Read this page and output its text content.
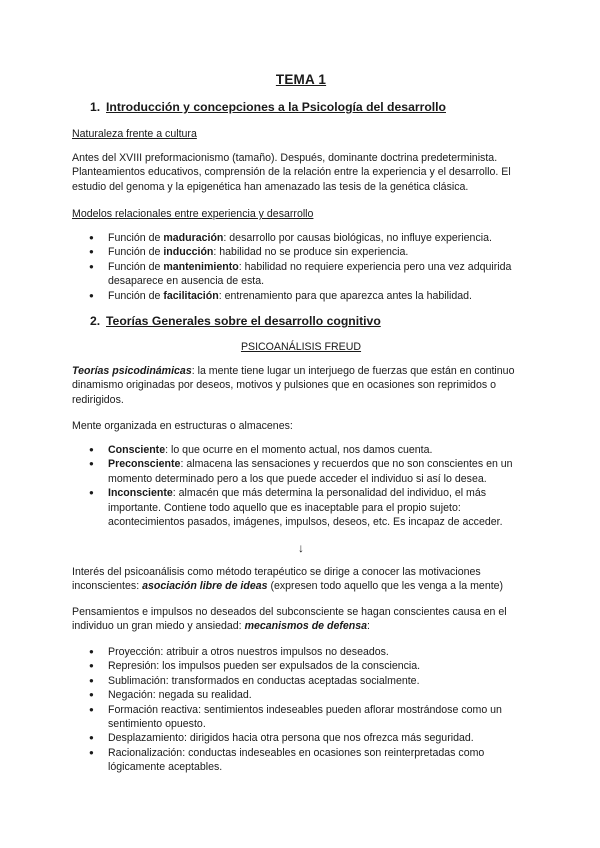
TEMA 1
1. Introducción y concepciones a la Psicología del desarrollo
Naturaleza frente a cultura

Antes del XVIII preformacionismo (tamaño). Después, dominante doctrina predeterminista. Planteamientos educativos, comprensión de la relación entre la experiencia y el desarrollo. El estudio del genoma y la epigenética han amenazado las tesis de la genética clásica.

Modelos relacionales entre experiencia y desarrollo
● Función de maduración: desarrollo por causas biológicas, no influye experiencia.
● Función de inducción: habilidad no se produce sin experiencia.
● Función de mantenimiento: habilidad no requiere experiencia pero una vez adquirida desaparece en ausencia de esta.
● Función de facilitación: entrenamiento para que aparezca antes la habilidad.
2. Teorías Generales sobre el desarrollo cognitivo
PSICOANÁLISIS FREUD

Teorías psicodinámicas: la mente tiene lugar un interjuego de fuerzas que están en continuo dinamismo originadas por deseos, motivos y pulsiones que en ocasiones son reprimidos o redirigidos.

Mente organizada en estructuras o almacenes:

● Consciente: lo que ocurre en el momento actual, nos damos cuenta.
● Preconsciente: almacena las sensaciones y recuerdos que no son conscientes en un momento determinado pero a los que puede acceder el individuo si así lo desea.
● Inconsciente: almacén que más determina la personalidad del individuo, el más importante. Contiene todo aquello que es inaceptable para el propio sujeto: acontecimientos pasados, imágenes, impulsos, deseos, etc. Es incapaz de acceder.
↓

Interés del psicoanálisis como método terapéutico se dirige a conocer las motivaciones inconscientes: asociación libre de ideas (expresen todo aquello que les venga a la mente)

Pensamientos e impulsos no deseados del subconsciente se hagan conscientes causa en el individuo un gran miedo y ansiedad: mecanismos de defensa:

● Proyección: atribuir a otros nuestros impulsos no deseados.
● Represión: los impulsos pueden ser expulsados de la consciencia.
● Sublimación: transformados en conductas aceptadas socialmente.
● Negación: negada su realidad.
● Formación reactiva: sentimientos indeseables pueden aflorar mostrándose como un sentimiento opuesto.
● Desplazamiento: dirigidos hacia otra persona que nos ofrezca más seguridad.
● Racionalización: conductas indeseables en ocasiones son reinterpretadas como lógicamente aceptables.
